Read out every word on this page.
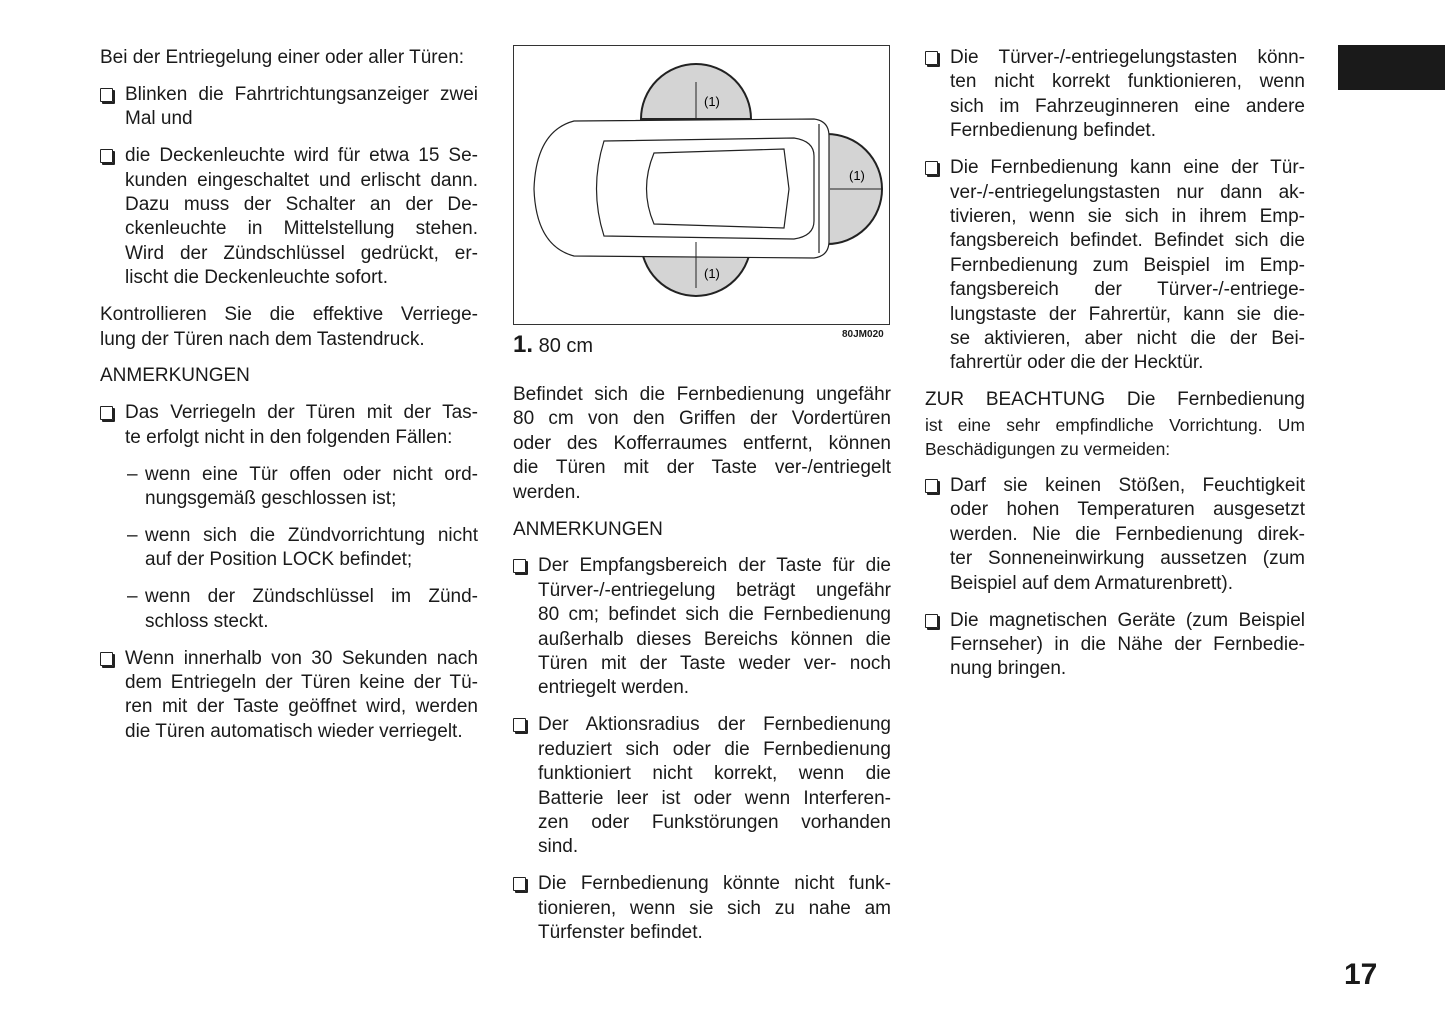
Bei der Entriegelung einer oder aller Türen:
Blinken die Fahrtrichtungsanzeiger zwei
Mal und
die Deckenleuchte wird für etwa 15 Se-
kunden eingeschaltet und erlischt dann.
Dazu muss der Schalter an der De-
ckenleuchte in Mittelstellung stehen.
Wird der Zündschlüssel gedrückt, er-
lischt die Deckenleuchte sofort.
Kontrollieren Sie die effektive Verriege-
lung der Türen nach dem Tastendruck.
ANMERKUNGEN
Das Verriegeln der Türen mit der Tas-
te erfolgt nicht in den folgenden Fällen:
– wenn eine Tür offen oder nicht ord-
nungsgemäß geschlossen ist;
– wenn sich die Zündvorrichtung nicht
auf der Position LOCK befindet;
– wenn der Zündschlüssel im Zünd-
schloss steckt.
Wenn innerhalb von 30 Sekunden nach
dem Entriegeln der Türen keine der Tü-
ren mit der Taste geöffnet wird, werden
die Türen automatisch wieder verriegelt.
(1)
(1)
(1)
1. 80 cm
80JM020
Befindet sich die Fernbedienung ungefähr
80 cm von den Griffen der Vordertüren
oder des Kofferraumes entfernt, können
die Türen mit der Taste ver-/entriegelt
werden.
ANMERKUNGEN
Der Empfangsbereich der Taste für die
Türver-/-entriegelung beträgt ungefähr
80 cm; befindet sich die Fernbedienung
außerhalb dieses Bereichs können die
Türen mit der Taste weder ver- noch
entriegelt werden.
Der Aktionsradius der Fernbedienung
reduziert sich oder die Fernbedienung
funktioniert nicht korrekt, wenn die
Batterie leer ist oder wenn Interferen-
zen oder Funkstörungen vorhanden
sind.
Die Fernbedienung könnte nicht funk-
tionieren, wenn sie sich zu nahe am
Türfenster befindet.
Die Türver-/-entriegelungstasten könn-
ten nicht korrekt funktionieren, wenn
sich im Fahrzeuginneren eine andere
Fernbedienung befindet.
Die Fernbedienung kann eine der Tür-
ver-/-entriegelungstasten nur dann ak-
tivieren, wenn sie sich in ihrem Emp-
fangsbereich befindet. Befindet sich die
Fernbedienung zum Beispiel im Emp-
fangsbereich der Türver-/-entriege-
lungstaste der Fahrertür, kann sie die-
se aktivieren, aber nicht die der Bei-
fahrertür oder die der Hecktür.
ZUR BEACHTUNG Die Fernbedienung
ist eine sehr empfindliche Vorrichtung. Um
Beschädigungen zu vermeiden:
Darf sie keinen Stößen, Feuchtigkeit
oder hohen Temperaturen ausgesetzt
werden. Nie die Fernbedienung direk-
ter Sonneneinwirkung aussetzen (zum
Beispiel auf dem Armaturenbrett).
Die magnetischen Geräte (zum Beispiel
Fernseher) in die Nähe der Fernbedie-
nung bringen.
17
